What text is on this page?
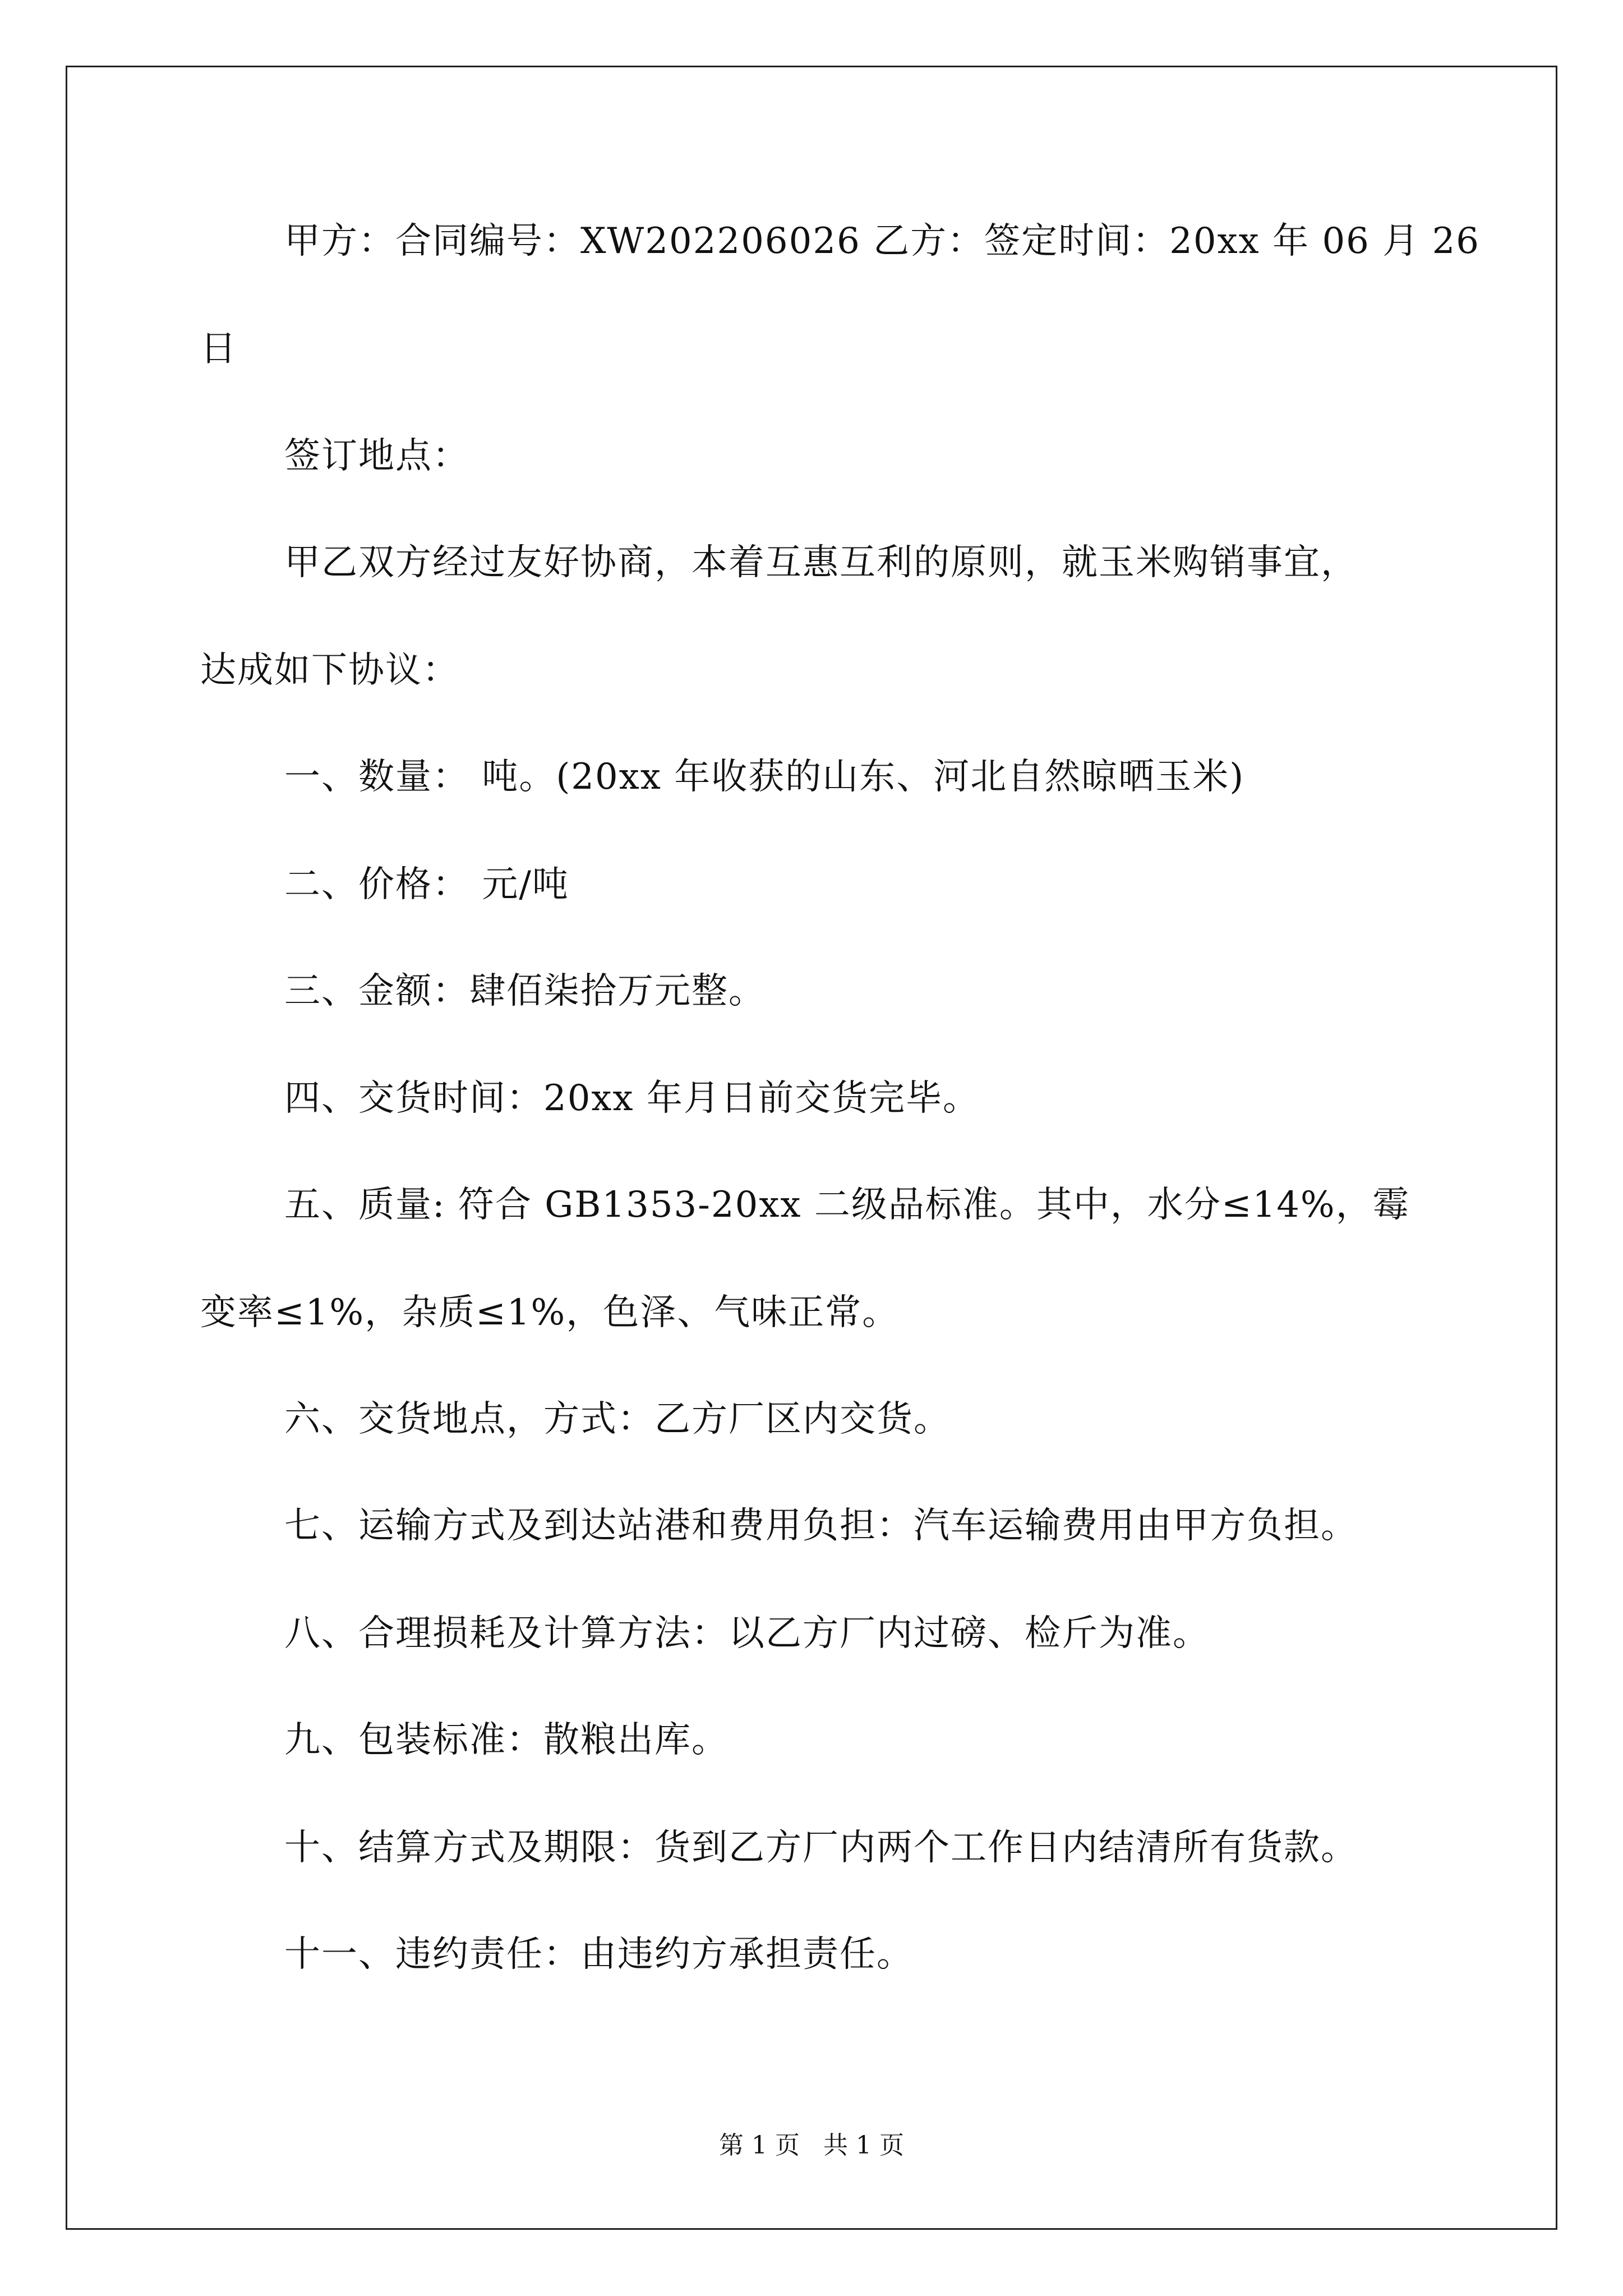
甲方：合同编号：XW202206026 乙方：签定时间：20xx 年 06 月 26
日
签订地点：
甲乙双方经过友好协商，本着互惠互利的原则，就玉米购销事宜，
达成如下协议：
一、数量： 吨。(20xx 年收获的山东、河北自然晾晒玉米)
二、价格： 元/吨
三、金额：肆佰柒拾万元整。
四、交货时间：20xx 年月日前交货完毕。
五、质量: 符合 GB1353-20xx 二级品标准。其中，水分≤14%，霉
变率≤1%，杂质≤1%，色泽、气味正常。
六、交货地点，方式：乙方厂区内交货。
七、运输方式及到达站港和费用负担：汽车运输费用由甲方负担。
八、合理损耗及计算方法：以乙方厂内过磅、检斤为准。
九、包装标准：散粮出库。
十、结算方式及期限：货到乙方厂内两个工作日内结清所有货款。
十一、违约责任：由违约方承担责任。
第 1 页 共 1 页
